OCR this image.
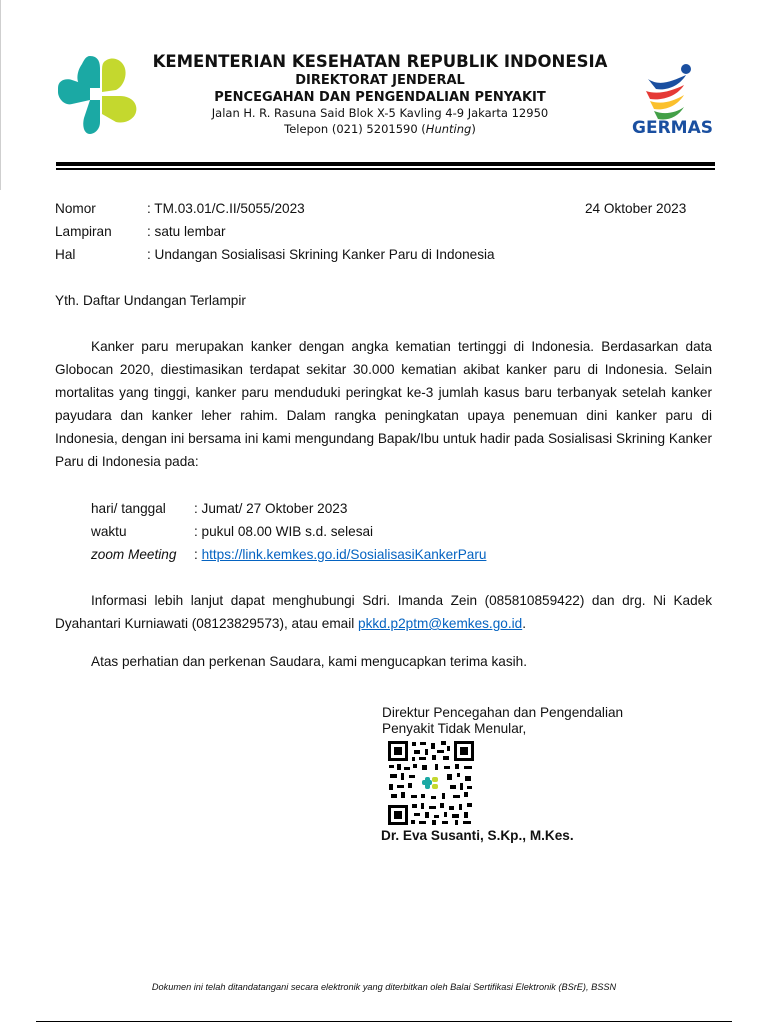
KEMENTERIAN KESEHATAN REPUBLIK INDONESIA
DIREKTORAT JENDERAL
PENCEGAHAN DAN PENGENDALIAN PENYAKIT
Jalan H. R. Rasuna Said Blok X-5 Kavling 4-9 Jakarta 12950
Telepon (021) 5201590 (Hunting)	GERMAS
Nomor	: TM.03.01/C.II/5055/2023	24 Oktober 2023
Lampiran	: satu lembar
Hal	: Undangan Sosialisasi Skrining Kanker Paru di Indonesia
Yth. Daftar Undangan Terlampir
Kanker paru merupakan kanker dengan angka kematian tertinggi di Indonesia. Berdasarkan data Globocan 2020, diestimasikan terdapat sekitar 30.000 kematian akibat kanker paru di Indonesia. Selain mortalitas yang tinggi, kanker paru menduduki peringkat ke-3 jumlah kasus baru terbanyak setelah kanker payudara dan kanker leher rahim. Dalam rangka peningkatan upaya penemuan dini kanker paru di Indonesia, dengan ini bersama ini kami mengundang Bapak/Ibu untuk hadir pada Sosialisasi Skrining Kanker Paru di Indonesia pada:
hari/ tanggal : Jumat/ 27 Oktober 2023
waktu	: pukul 08.00 WIB s.d. selesai
zoom Meeting : https://link.kemkes.go.id/SosialisasiKankerParu
Informasi lebih lanjut dapat menghubungi Sdri. Imanda Zein (085810859422) dan drg. Ni Kadek Dyahantari Kurniawati (08123829573), atau email pkkd.p2ptm@kemkes.go.id.
Atas perhatian dan perkenan Saudara, kami mengucapkan terima kasih.
Direktur Pencegahan dan Pengendalian
Penyakit Tidak Menular,
Dr. Eva Susanti, S.Kp., M.Kes.
Dokumen ini telah ditandatangani secara elektronik yang diterbitkan oleh Balai Sertifikasi Elektronik (BSrE), BSSN
